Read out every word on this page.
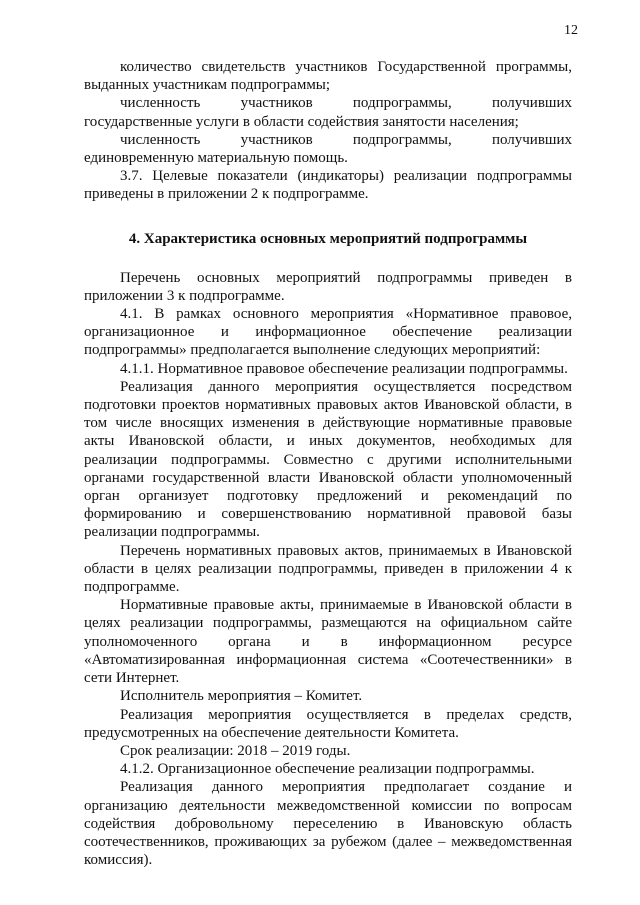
12

количество свидетельств участников Государственной программы, выданных участникам подпрограммы;

численность участников подпрограммы, получивших государственные услуги в области содействия занятости населения;

численность участников подпрограммы, получивших единовременную материальную помощь.

3.7. Целевые показатели (индикаторы) реализации подпрограммы приведены в приложении 2 к подпрограмме.

4. Характеристика основных мероприятий подпрограммы

Перечень основных мероприятий подпрограммы приведен в приложении 3 к подпрограмме.

4.1. В рамках основного мероприятия «Нормативное правовое, организационное и информационное обеспечение реализации подпрограммы» предполагается выполнение следующих мероприятий:

4.1.1. Нормативное правовое обеспечение реализации подпрограммы.

Реализация данного мероприятия осуществляется посредством подготовки проектов нормативных правовых актов Ивановской области, в том числе вносящих изменения в действующие нормативные правовые акты Ивановской области, и иных документов, необходимых для реализации подпрограммы. Совместно с другими исполнительными органами государственной власти Ивановской области уполномоченный орган организует подготовку предложений и рекомендаций по формированию и совершенствованию нормативной правовой базы реализации подпрограммы.

Перечень нормативных правовых актов, принимаемых в Ивановской области в целях реализации подпрограммы, приведен в приложении 4 к подпрограмме.

Нормативные правовые акты, принимаемые в Ивановской области в целях реализации подпрограммы, размещаются на официальном сайте уполномоченного органа и в информационном ресурсе «Автоматизированная информационная система «Соотечественники» в сети Интернет.

Исполнитель мероприятия – Комитет.

Реализация мероприятия осуществляется в пределах средств, предусмотренных на обеспечение деятельности Комитета.

Срок реализации: 2018 – 2019 годы.

4.1.2. Организационное обеспечение реализации подпрограммы.

Реализация данного мероприятия предполагает создание и организацию деятельности межведомственной комиссии по вопросам содействия добровольному переселению в Ивановскую область соотечественников, проживающих за рубежом (далее – межведомственная комиссия).
